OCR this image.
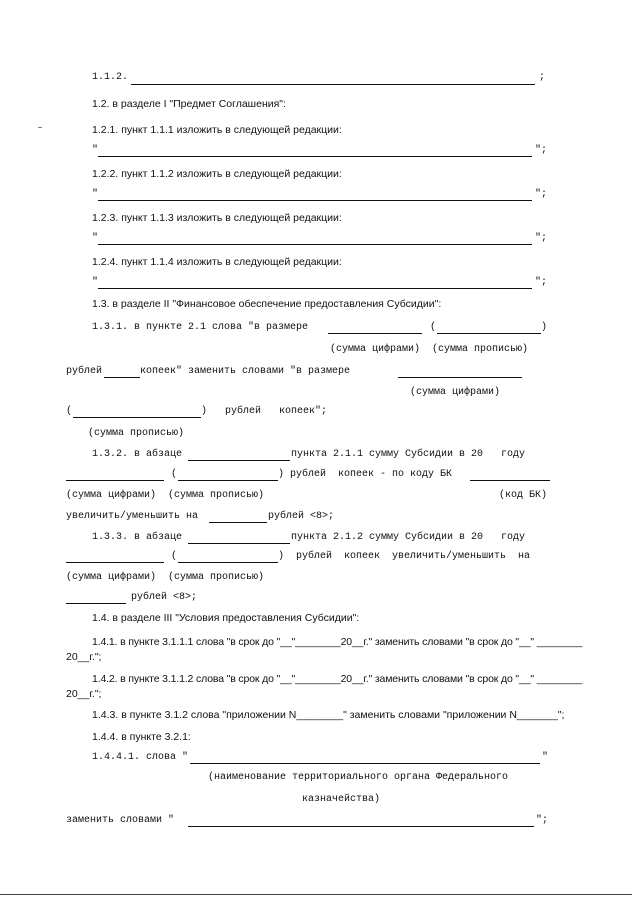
1.1.2.	;
1.2. в разделе I "Предмет Соглашения":
1.2.1. пункт 1.1.1 изложить в следующей редакции:
"	";
1.2.2. пункт 1.1.2 изложить в следующей редакции:
"	";
1.2.3. пункт 1.1.3 изложить в следующей редакции:
"	";
1.2.4. пункт 1.1.4 изложить в следующей редакции:
"	";
1.3. в разделе II "Финансовое обеспечение предоставления Субсидии":
1.3.1. в пункте 2.1 слова "в размере	(	)
(сумма цифрами)  (сумма прописью)
рублей	копеек" заменить словами "в размере
(сумма цифрами)
(	)   рублей   копеек";
(сумма прописью)
1.3.2. в абзаце	пункта 2.1.1 сумму Субсидии в 20   году
(	) рублей  копеек - по коду БК
(сумма цифрами)  (сумма прописью)	(код БК)
увеличить/уменьшить на	рублей <8>;
1.3.3. в абзаце	пункта 2.1.2 сумму Субсидии в 20   году
(	)  рублей  копеек  увеличить/уменьшить  на
(сумма цифрами)  (сумма прописью)
рублей <8>;
1.4. в разделе III "Условия предоставления Субсидии":
1.4.1. в пункте 3.1.1.1 слова "в срок до "__"________20__г." заменить словами "в срок до "__" ________
20__г.";
1.4.2. в пункте 3.1.1.2 слова "в срок до "__"________20__г." заменить словами "в срок до "__" ________
20__г.";
1.4.3. в пункте 3.1.2 слова "приложении N________" заменить словами "приложении N_______";
1.4.4. в пункте 3.2.1:
1.4.4.1. слова "	"
(наименование территориального органа Федерального
казначейства)
заменить словами "	";
